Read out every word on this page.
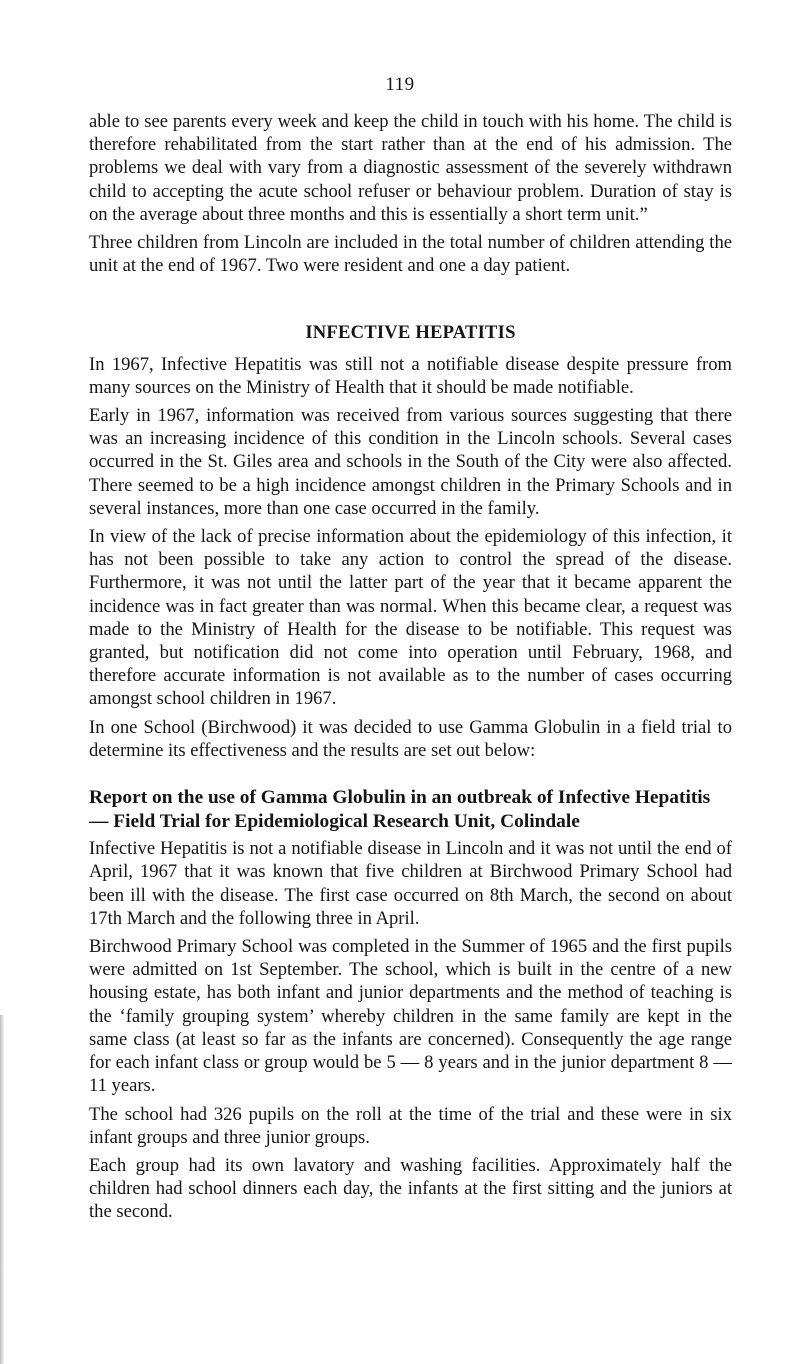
119

able to see parents every week and keep the child in touch with his home. The child is therefore rehabilitated from the start rather than at the end of his admission. The problems we deal with vary from a diagnostic assessment of the severely withdrawn child to accepting the acute school refuser or behaviour problem. Duration of stay is on the average about three months and this is essentially a short term unit.”

Three children from Lincoln are included in the total number of children attending the unit at the end of 1967. Two were resident and one a day patient.

INFECTIVE HEPATITIS

In 1967, Infective Hepatitis was still not a notifiable disease despite pressure from many sources on the Ministry of Health that it should be made notifiable.

Early in 1967, information was received from various sources suggesting that there was an increasing incidence of this condition in the Lincoln schools. Several cases occurred in the St. Giles area and schools in the South of the City were also affected. There seemed to be a high incidence amongst children in the Primary Schools and in several instances, more than one case occurred in the family.

In view of the lack of precise information about the epidemiology of this infection, it has not been possible to take any action to control the spread of the disease. Furthermore, it was not until the latter part of the year that it became apparent the incidence was in fact greater than was normal. When this became clear, a request was made to the Ministry of Health for the disease to be notifiable. This request was granted, but notification did not come into operation until February, 1968, and therefore accurate information is not available as to the number of cases occurring amongst school children in 1967.

In one School (Birchwood) it was decided to use Gamma Globulin in a field trial to determine its effectiveness and the results are set out below:

Report on the use of Gamma Globulin in an outbreak of Infective Hepatitis — Field Trial for Epidemiological Research Unit, Colindale

Infective Hepatitis is not a notifiable disease in Lincoln and it was not until the end of April, 1967 that it was known that five children at Birchwood Primary School had been ill with the disease. The first case occurred on 8th March, the second on about 17th March and the following three in April.

Birchwood Primary School was completed in the Summer of 1965 and the first pupils were admitted on 1st September. The school, which is built in the centre of a new housing estate, has both infant and junior departments and the method of teaching is the ‘family grouping system’ whereby children in the same family are kept in the same class (at least so far as the infants are concerned). Consequently the age range for each infant class or group would be 5 — 8 years and in the junior department 8 — 11 years.

The school had 326 pupils on the roll at the time of the trial and these were in six infant groups and three junior groups.

Each group had its own lavatory and washing facilities. Approximately half the children had school dinners each day, the infants at the first sitting and the juniors at the second.
